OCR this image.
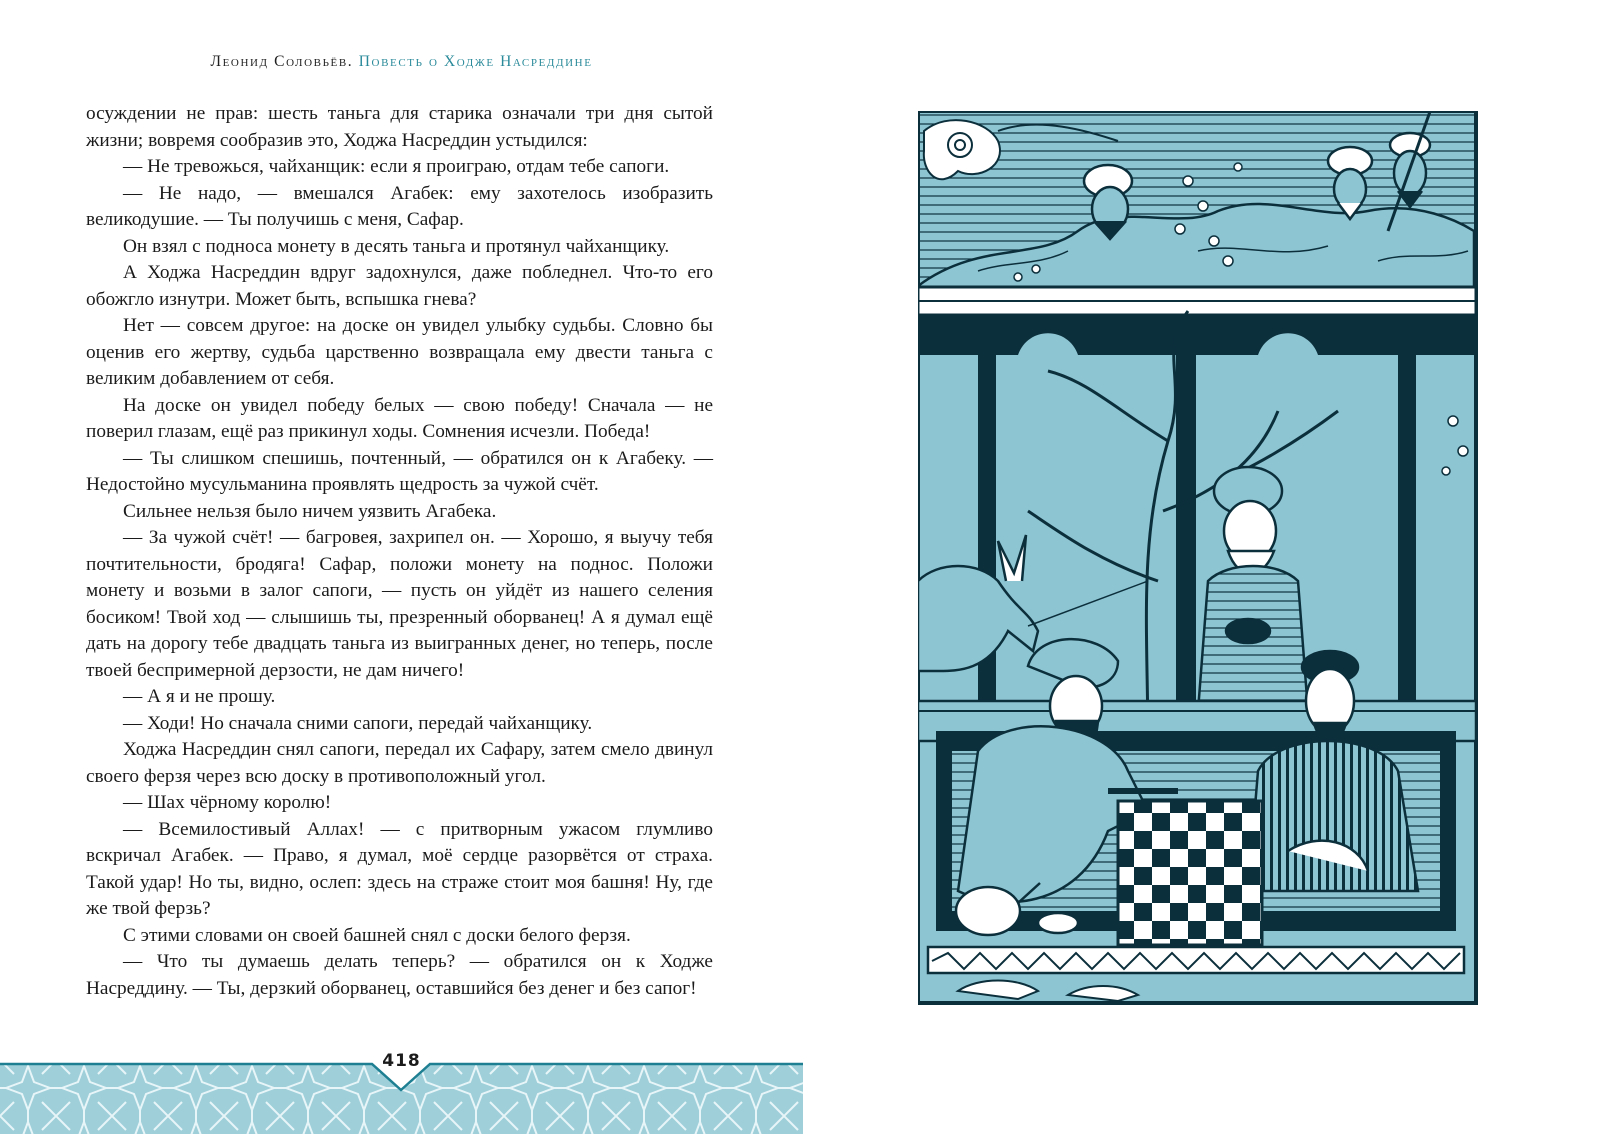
Леонид Соловьёв. Повесть о Ходже Насреддине

осуждении не прав: шесть таньга для старика означали три дня сытой жизни; вовремя сообразив это, Ходжа Насреддин устыдился:

— Не тревожься, чайханщик: если я проиграю, отдам тебе сапоги.

— Не надо, — вмешался Агабек: ему захотелось изобразить великодушие. — Ты получишь с меня, Сафар.

Он взял с подноса монету в десять таньга и протянул чайханщику.

А Ходжа Насреддин вдруг задохнулся, даже побледнел. Что-то его обожгло изнутри. Может быть, вспышка гнева?

Нет — совсем другое: на доске он увидел улыбку судьбы. Словно бы оценив его жертву, судьба царственно возвращала ему двести таньга с великим добавлением от себя.

На доске он увидел победу белых — свою победу! Сначала — не поверил глазам, ещё раз прикинул ходы. Сомнения исчезли. Победа!

— Ты слишком спешишь, почтенный, — обратился он к Агабеку. — Недостойно мусульманина проявлять щедрость за чужой счёт.

Сильнее нельзя было ничем уязвить Агабека.

— За чужой счёт! — багровея, захрипел он. — Хорошо, я выучу тебя почтительности, бродяга! Сафар, положи монету на поднос. Положи монету и возьми в залог сапоги, — пусть он уйдёт из нашего селения босиком! Твой ход — слышишь ты, презренный оборванец! А я думал ещё дать на дорогу тебе двадцать таньга из выигранных денег, но теперь, после твоей беспримерной дерзости, не дам ничего!

— А я и не прошу.

— Ходи! Но сначала сними сапоги, передай чайханщику.

Ходжа Насреддин снял сапоги, передал их Сафару, затем смело двинул своего ферзя через всю доску в противоположный угол.

— Шах чёрному королю!

— Всемилостивый Аллах! — с притворным ужасом глумливо вскричал Агабек. — Право, я думал, моё сердце разорвётся от страха. Такой удар! Но ты, видно, ослеп: здесь на страже стоит моя башня! Ну, где же твой ферзь?

С этими словами он своей башней снял с доски белого ферзя.

— Что ты думаешь делать теперь? — обратился он к Ходже Насреддину. — Ты, дерзкий оборванец, оставшийся без денег и без сапог!

418
